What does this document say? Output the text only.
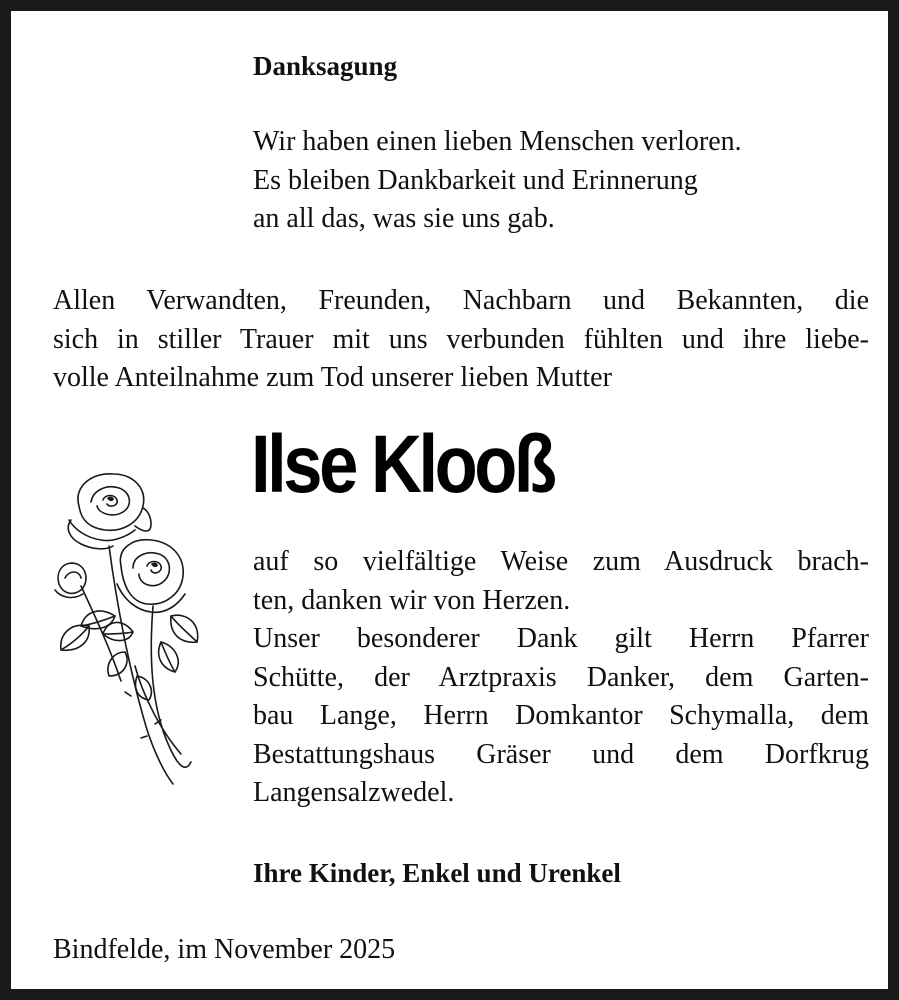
Danksagung
Wir haben einen lieben Menschen verloren.
Es bleiben Dankbarkeit und Erinnerung
an all das, was sie uns gab.
Allen Verwandten, Freunden, Nachbarn und Bekannten, die
sich in stiller Trauer mit uns verbunden fühlten und ihre liebe-
volle Anteilnahme zum Tod unserer lieben Mutter
Ilse Klooß
auf so vielfältige Weise zum Ausdruck brach-
ten, danken wir von Herzen.
Unser besonderer Dank gilt Herrn Pfarrer
Schütte, der Arztpraxis Danker, dem Garten-
bau Lange, Herrn Domkantor Schymalla, dem
Bestattungshaus Gräser und dem Dorfkrug
Langensalzwedel.
Ihre Kinder, Enkel und Urenkel
Bindfelde, im November 2025
